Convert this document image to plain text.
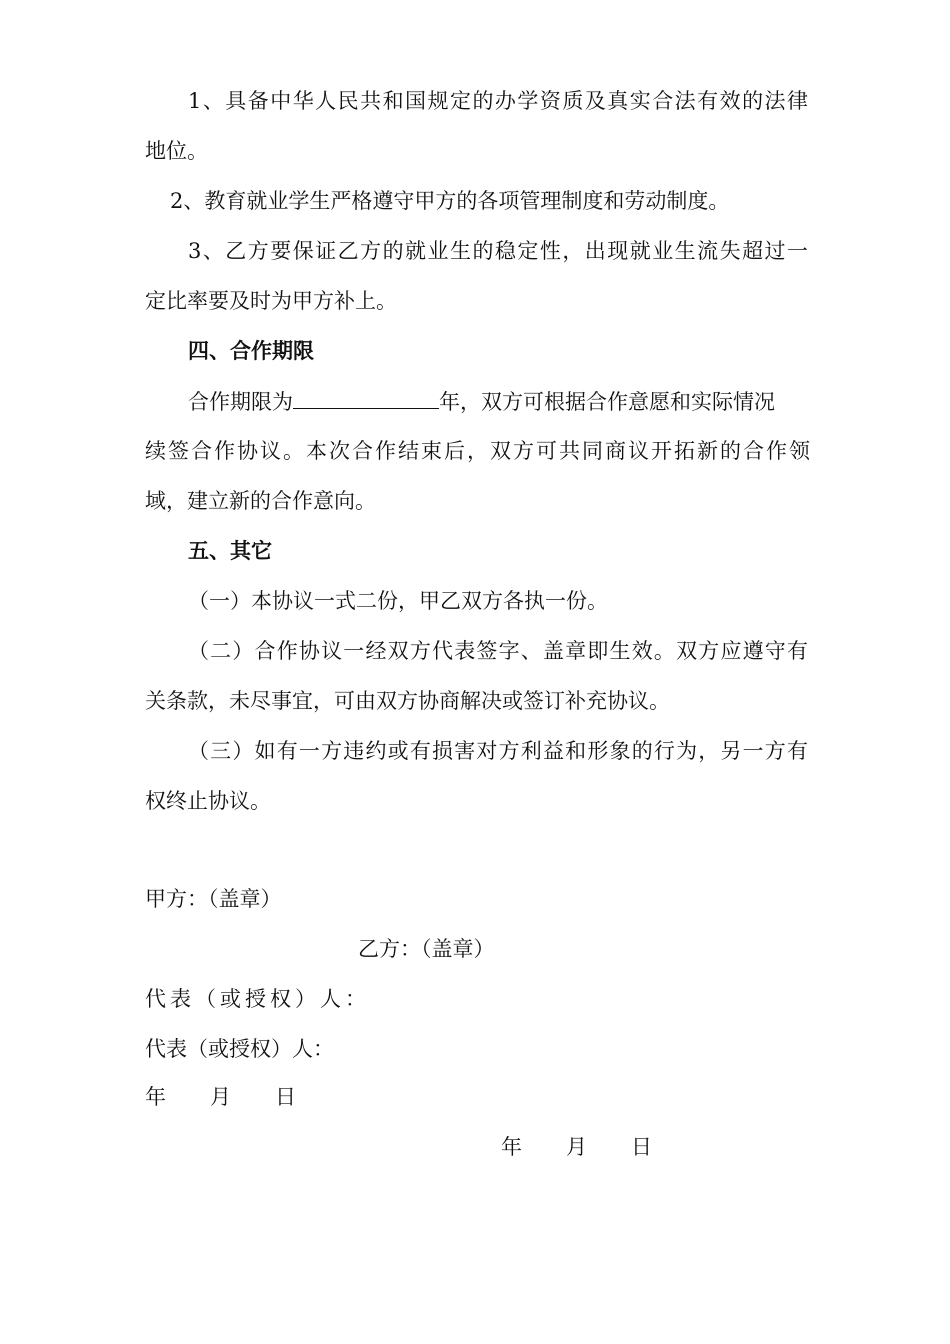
1、具备中华人民共和国规定的办学资质及真实合法有效的法律
地位。
2、教育就业学生严格遵守甲方的各项管理制度和劳动制度。
3、乙方要保证乙方的就业生的稳定性，出现就业生流失超过一
定比率要及时为甲方补上。
四、合作期限
合作期限为	年，双方可根据合作意愿和实际情况
续签合作协议。本次合作结束后，双方可共同商议开拓新的合作领
域，建立新的合作意向。
五、其它
（一）本协议一式二份，甲乙双方各执一份。
（二）合作协议一经双方代表签字、盖章即生效。双方应遵守有
关条款，未尽事宜，可由双方协商解决或签订补充协议。
（三）如有一方违约或有损害对方利益和形象的行为，另一方有
权终止协议。
甲方：（盖章）
乙方：（盖章）
代表（或授权）人：
代表（或授权）人：
年 月 日
年 月 日
